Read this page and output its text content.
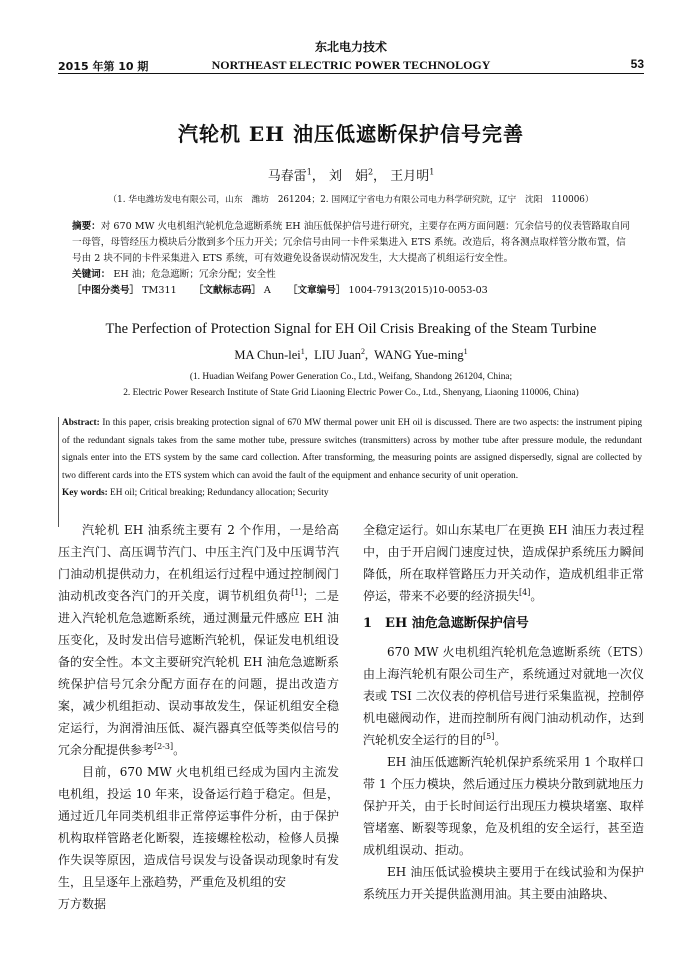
东北电力技术
2015 年第 10 期	NORTHEAST ELECTRIC POWER TECHNOLOGY	53
汽轮机 EH 油压低遮断保护信号完善
马春雷$^1$， 刘　娟$^2$， 王月明$^1$
（1. 华电潍坊发电有限公司，山东　潍坊　261204；2. 国网辽宁省电力有限公司电力科学研究院，辽宁　沈阳　110006）
摘要：对 670 MW 火电机组汽轮机危急遮断系统 EH 油压低保护信号进行研究，主要存在两方面问题：冗余信号的仪表管路取自同一母管，母管经压力模块后分散到多个压力开关；冗余信号由同一卡件采集进入 ETS 系统。改造后，将各测点取样管分散布置，信号由 2 块不同的卡件采集进入 ETS 系统，可有效避免设备误动情况发生，大大提高了机组运行安全性。
关键词： EH 油；危急遮断；冗余分配；安全性
［中图分类号］ TM311 ［文献标志码］ A ［文章编号］ 1004-7913(2015)10-0053-03
The Perfection of Protection Signal for EH Oil Crisis Breaking of the Steam Turbine
MA Chun-lei$^1$,  LIU Juan$^2$,  WANG Yue-ming$^1$
(1. Huadian Weifang Power Generation Co., Ltd., Weifang, Shandong 261204, China;
2. Electric Power Research Institute of State Grid Liaoning Electric Power Co., Ltd., Shenyang, Liaoning 110006, China)
Abstract: In this paper, crisis breaking protection signal of 670 MW thermal power unit EH oil is discussed. There are two aspects: the instrument piping of the redundant signals takes from the same mother tube, pressure switches (transmitters) across by mother tube after pressure module, the redundant signals enter into the ETS system by the same card collection. After transforming, the measuring points are assigned dispersedly, signal are collected by two different cards into the ETS system which can avoid the fault of the equipment and enhance security of unit operation.
Key words: EH oil; Critical breaking; Redundancy allocation; Security

汽轮机 EH 油系统主要有 2 个作用，一是给高压主汽门、高压调节汽门、中压主汽门及中压调节汽门油动机提供动力，在机组运行过程中通过控制阀门油动机改变各汽门的开关度，调节机组负荷[1]；二是进入汽轮机危急遮断系统，通过测量元件感应 EH 油压变化，及时发出信号遮断汽轮机，保证发电机组设备的安全性。本文主要研究汽轮机 EH 油危急遮断系统保护信号冗余分配方面存在的问题，提出改造方案，减少机组拒动、误动事故发生，保证机组安全稳定运行，为润滑油压低、凝汽器真空低等类似信号的冗余分配提供参考[2-3]。

目前，670 MW 火电机组已经成为国内主流发电机组，投运 10 年来，设备运行趋于稳定。但是，通过近几年同类机组非正常停运事件分析，由于保护机构取样管路老化断裂，连接螺栓松动，检修人员操作失误等原因，造成信号误发与设备误动现象时有发生，且呈逐年上涨趋势，严重危及机组的安

万方数据

全稳定运行。如山东某电厂在更换 EH 油压力表过程中，由于开启阀门速度过快，造成保护系统压力瞬间降低，所在取样管路压力开关动作，造成机组非正常停运，带来不必要的经济损失[4]。

1　EH 油危急遮断保护信号

670 MW 火电机组汽轮机危急遮断系统（ETS）由上海汽轮机有限公司生产，系统通过对就地一次仪表或 TSI 二次仪表的停机信号进行采集监视，控制停机电磁阀动作，进而控制所有阀门油动机动作，达到汽轮机安全运行的目的[5]。

EH 油压低遮断汽轮机保护系统采用 1 个取样口带 1 个压力模块，然后通过压力模块分散到就地压力保护开关，由于长时间运行出现压力模块堵塞、取样管堵塞、断裂等现象，危及机组的安全运行，甚至造成机组误动、拒动。

EH 油压低试验模块主要用于在线试验和为保护系统压力开关提供监测用油。其主要由油路块、
